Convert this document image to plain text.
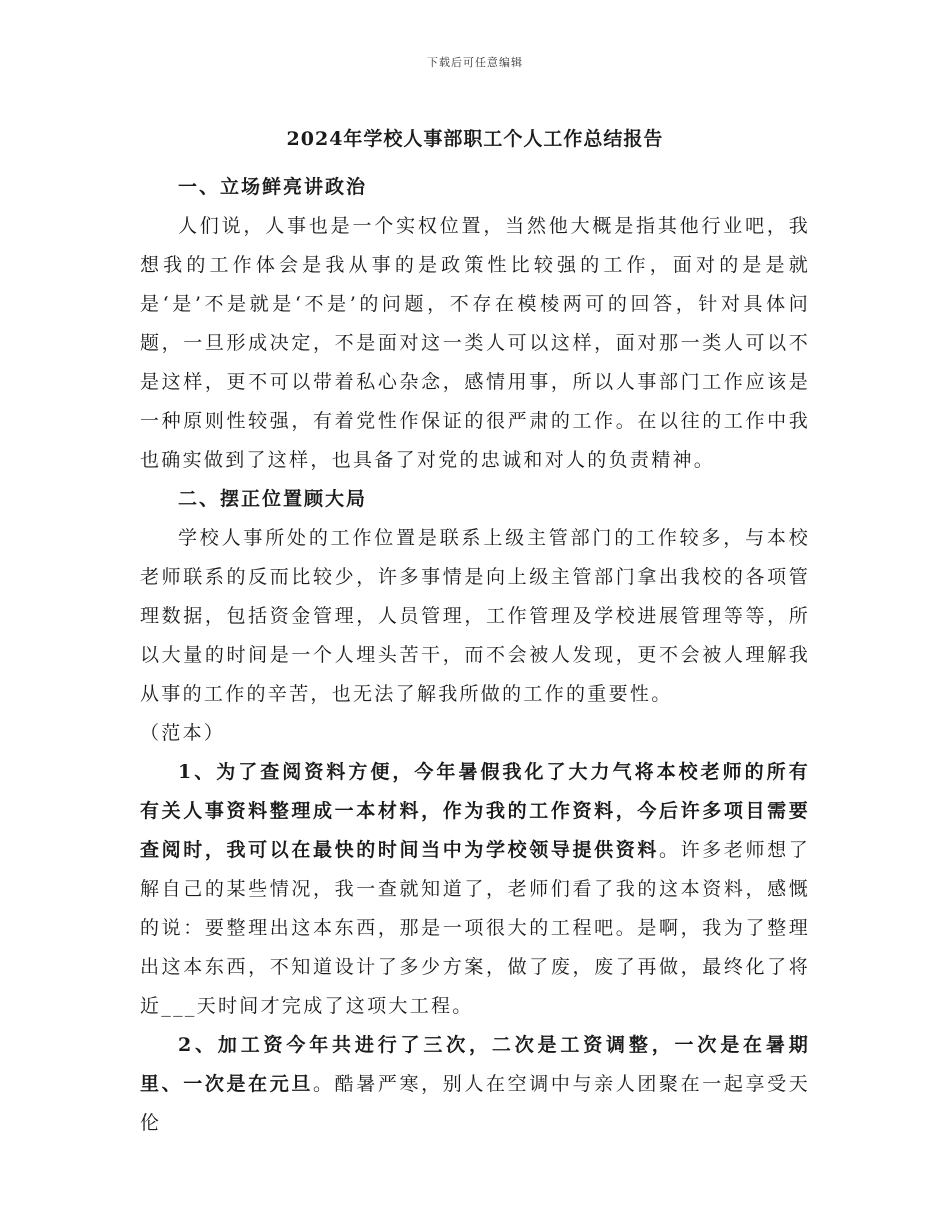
下载后可任意编辑
2024年学校人事部职工个人工作总结报告

一、立场鲜亮讲政治

人们说，人事也是一个实权位置，当然他大概是指其他行业吧，我想我的工作体会是我从事的是政策性比较强的工作，面对的是是就是‘是’不是就是‘不是’的问题，不存在模棱两可的回答，针对具体问题，一旦形成决定，不是面对这一类人可以这样，面对那一类人可以不是这样，更不可以带着私心杂念，感情用事，所以人事部门工作应该是一种原则性较强，有着党性作保证的很严肃的工作。在以往的工作中我也确实做到了这样，也具备了对党的忠诚和对人的负责精神。

二、摆正位置顾大局

学校人事所处的工作位置是联系上级主管部门的工作较多，与本校老师联系的反而比较少，许多事情是向上级主管部门拿出我校的各项管理数据，包括资金管理，人员管理，工作管理及学校进展管理等等，所以大量的时间是一个人埋头苦干，而不会被人发现，更不会被人理解我从事的工作的辛苦，也无法了解我所做的工作的重要性。

（范本）

1、为了查阅资料方便，今年暑假我化了大力气将本校老师的所有有关人事资料整理成一本材料，作为我的工作资料，今后许多项目需要查阅时，我可以在最快的时间当中为学校领导提供资料。许多老师想了解自己的某些情况，我一查就知道了，老师们看了我的这本资料，感慨的说：要整理出这本东西，那是一项很大的工程吧。是啊，我为了整理出这本东西，不知道设计了多少方案，做了废，废了再做，最终化了将近___天时间才完成了这项大工程。

2、加工资今年共进行了三次，二次是工资调整，一次是在暑期里、一次是在元旦。酷暑严寒，别人在空调中与亲人团聚在一起享受天伦
